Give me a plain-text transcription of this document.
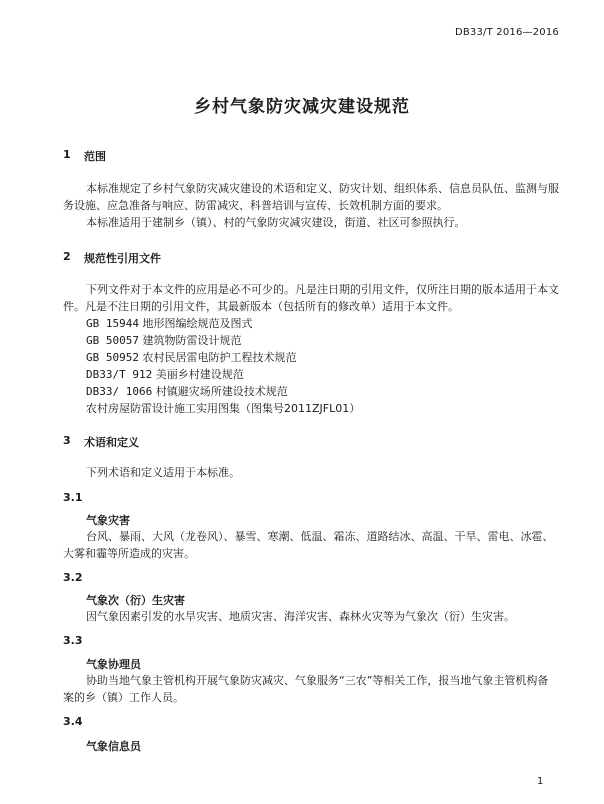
DB33/T 2016—2016
乡村气象防灾减灾建设规范
1 范围
本标准规定了乡村气象防灾减灾建设的术语和定义、防灾计划、组织体系、信息员队伍、监测与服
务设施、应急准备与响应、防雷减灾、科普培训与宣传、长效机制方面的要求。
本标准适用于建制乡（镇）、村的气象防灾减灾建设，街道、社区可参照执行。
2 规范性引用文件
下列文件对于本文件的应用是必不可少的。凡是注日期的引用文件，仅所注日期的版本适用于本文
件。凡是不注日期的引用文件，其最新版本（包括所有的修改单）适用于本文件。
GB 15944 地形图编绘规范及图式
GB 50057 建筑物防雷设计规范
GB 50952 农村民居雷电防护工程技术规范
DB33/T 912 美丽乡村建设规范
DB33/ 1066 村镇避灾场所建设技术规范
农村房屋防雷设计施工实用图集（图集号2011ZJFL01）
3 术语和定义
下列术语和定义适用于本标准。
3.1
气象灾害
台风、暴雨、大风（龙卷风）、暴雪、寒潮、低温、霜冻、道路结冰、高温、干旱、雷电、冰雹、
大雾和霾等所造成的灾害。
3.2
气象次（衍）生灾害
因气象因素引发的水旱灾害、地质灾害、海洋灾害、森林火灾等为气象次（衍）生灾害。
3.3
气象协理员
协助当地气象主管机构开展气象防灾减灾、气象服务“三农”等相关工作，报当地气象主管机构备
案的乡（镇）工作人员。
3.4
气象信息员
1
